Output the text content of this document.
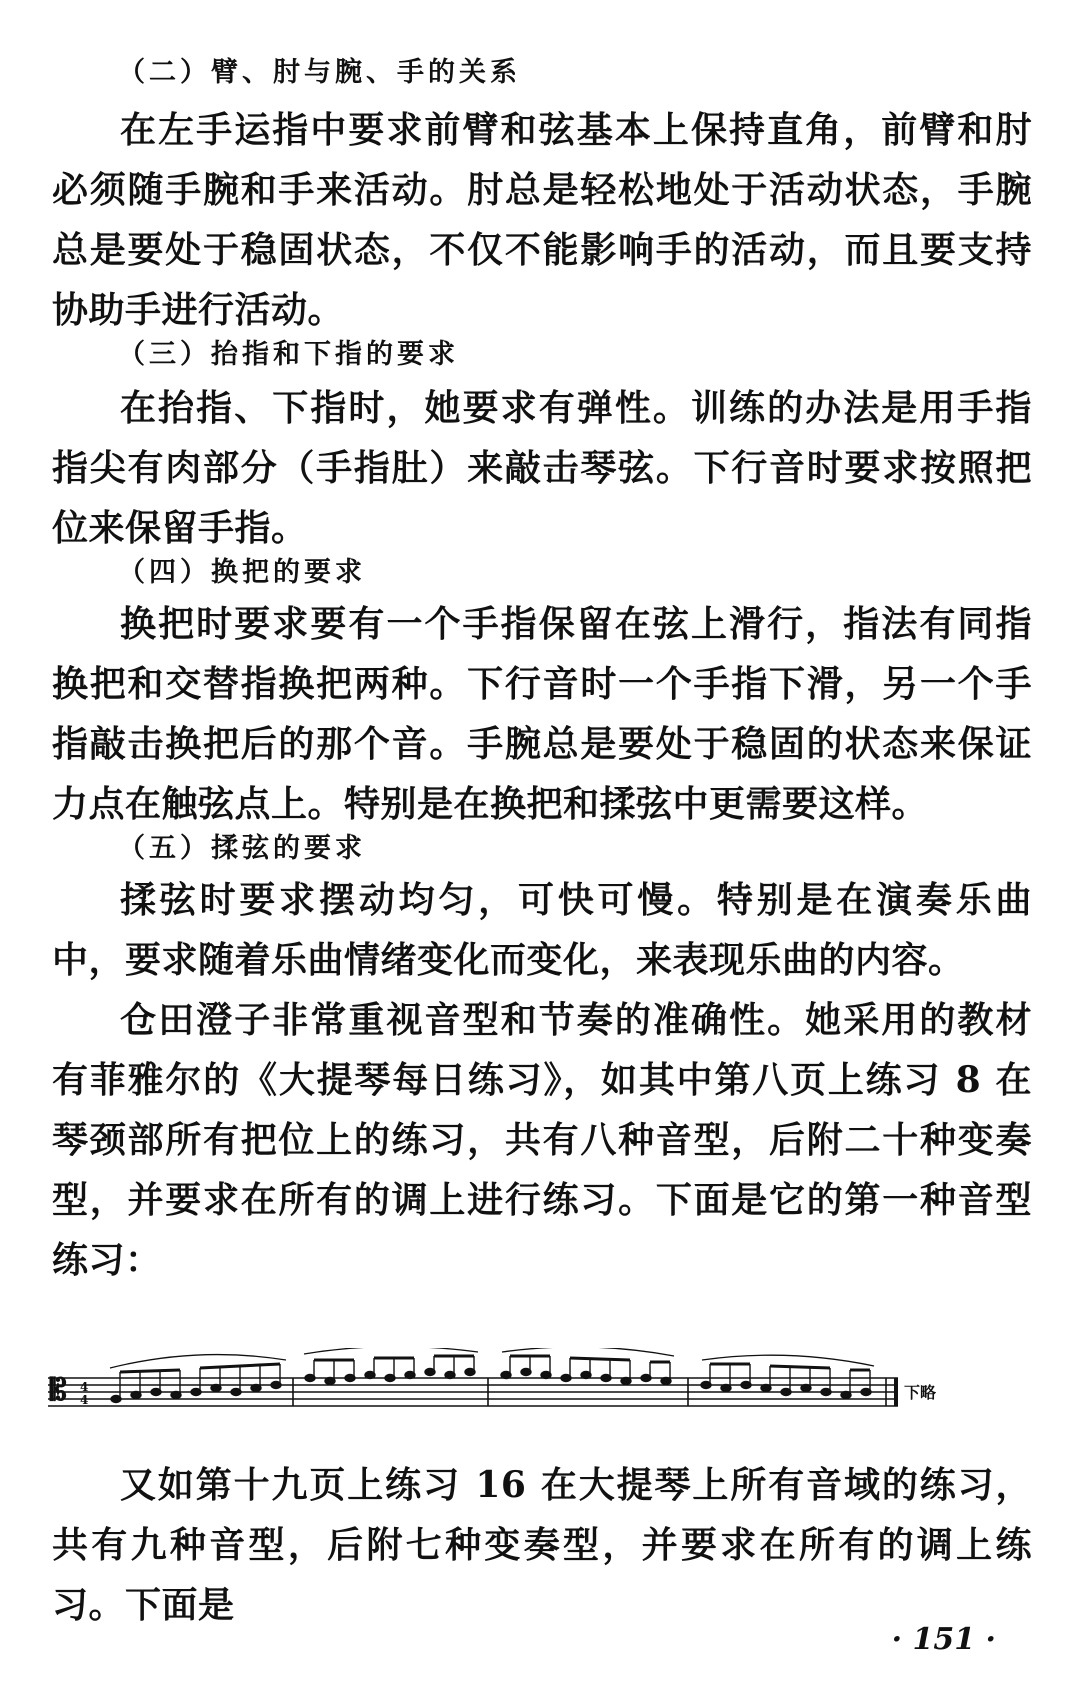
（二）臂、肘与腕、手的关系

在左手运指中要求前臂和弦基本上保持直角，前臂和肘必须随手腕和手来活动。肘总是轻松地处于活动状态，手腕总是要处于稳固状态，不仅不能影响手的活动，而且要支持协助手进行活动。

（三）抬指和下指的要求

在抬指、下指时，她要求有弹性。训练的办法是用手指指尖有肉部分（手指肚）来敲击琴弦。下行音时要求按照把位来保留手指。

（四）换把的要求

换把时要求要有一个手指保留在弦上滑行，指法有同指换把和交替指换把两种。下行音时一个手指下滑，另一个手指敲击换把后的那个音。手腕总是要处于稳固的状态来保证力点在触弦点上。特别是在换把和揉弦中更需要这样。

（五）揉弦的要求

揉弦时要求摆动均匀，可快可慢。特别是在演奏乐曲中，要求随着乐曲情绪变化而变化，来表现乐曲的内容。

仓田澄子非常重视音型和节奏的准确性。她采用的教材有菲雅尔的《大提琴每日练习》，如其中第八页上练习 8 在琴颈部所有把位上的练习，共有八种音型，后附二十种变奏型，并要求在所有的调上进行练习。下面是它的第一种音型练习：

𝄡 4
4	下略

又如第十九页上练习 16 在大提琴上所有音域的练习，共有九种音型，后附七种变奏型，并要求在所有的调上练习。下面是

· 151 ·
